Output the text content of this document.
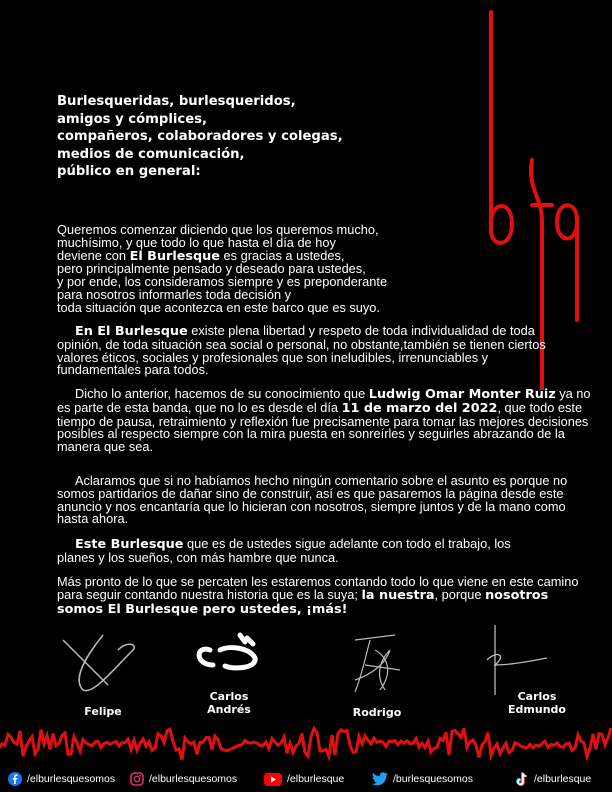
Burlesqueridas, burlesqueridos,
amigos y cómplices,
compañeros, colaboradores y colegas,
medios de comunicación,
público en general:
Queremos comenzar diciendo que los queremos mucho,
muchísimo, y que todo lo que hasta el día de hoy
deviene con El Burlesque es gracias a ustedes,
pero principalmente pensado y deseado para ustedes,
y por ende, los consideramos siempre y es preponderante
para nosotros informarles toda decisión y
toda situación que acontezca en este barco que es suyo.

En El Burlesque existe plena libertad y respeto de toda individualidad de toda opinión, de toda situación sea social o personal, no obstante,también se tienen ciertos valores éticos, sociales y profesionales que son ineludibles, irrenunciables y fundamentales para todos.

Dicho lo anterior, hacemos de su conocimiento que Ludwig Omar Monter Ruiz ya no es parte de esta banda, que no lo es desde el día 11 de marzo del 2022, que todo este tiempo de pausa, retraimiento y reflexión fue precisamente para tomar las mejores decisiones posibles al respecto siempre con la mira puesta en sonreírles y seguirles abrazando de la manera que sea.

Aclaramos que si no habíamos hecho ningún comentario sobre el asunto es porque no somos partidarios de dañar sino de construir, así es que pasaremos la página desde este anuncio y nos encantaría que lo hicieran con nosotros, siempre juntos y de la mano como hasta ahora.

Este Burlesque que es de ustedes sigue adelante con todo el trabajo, los planes y los sueños, con más hambre que nunca.

Más pronto de lo que se percaten les estaremos contando todo lo que viene en este camino para seguir contando nuestra historia que es la suya; la nuestra, porque nosotros somos El Burlesque pero ustedes, ¡más!

Felipe
Carlos
Andrés	Rodrigo
Carlos
Edmundo
/elburlesquesomos	/elburlesquesomos	/elburlesque	/burlesquesomos	/elburlesque
